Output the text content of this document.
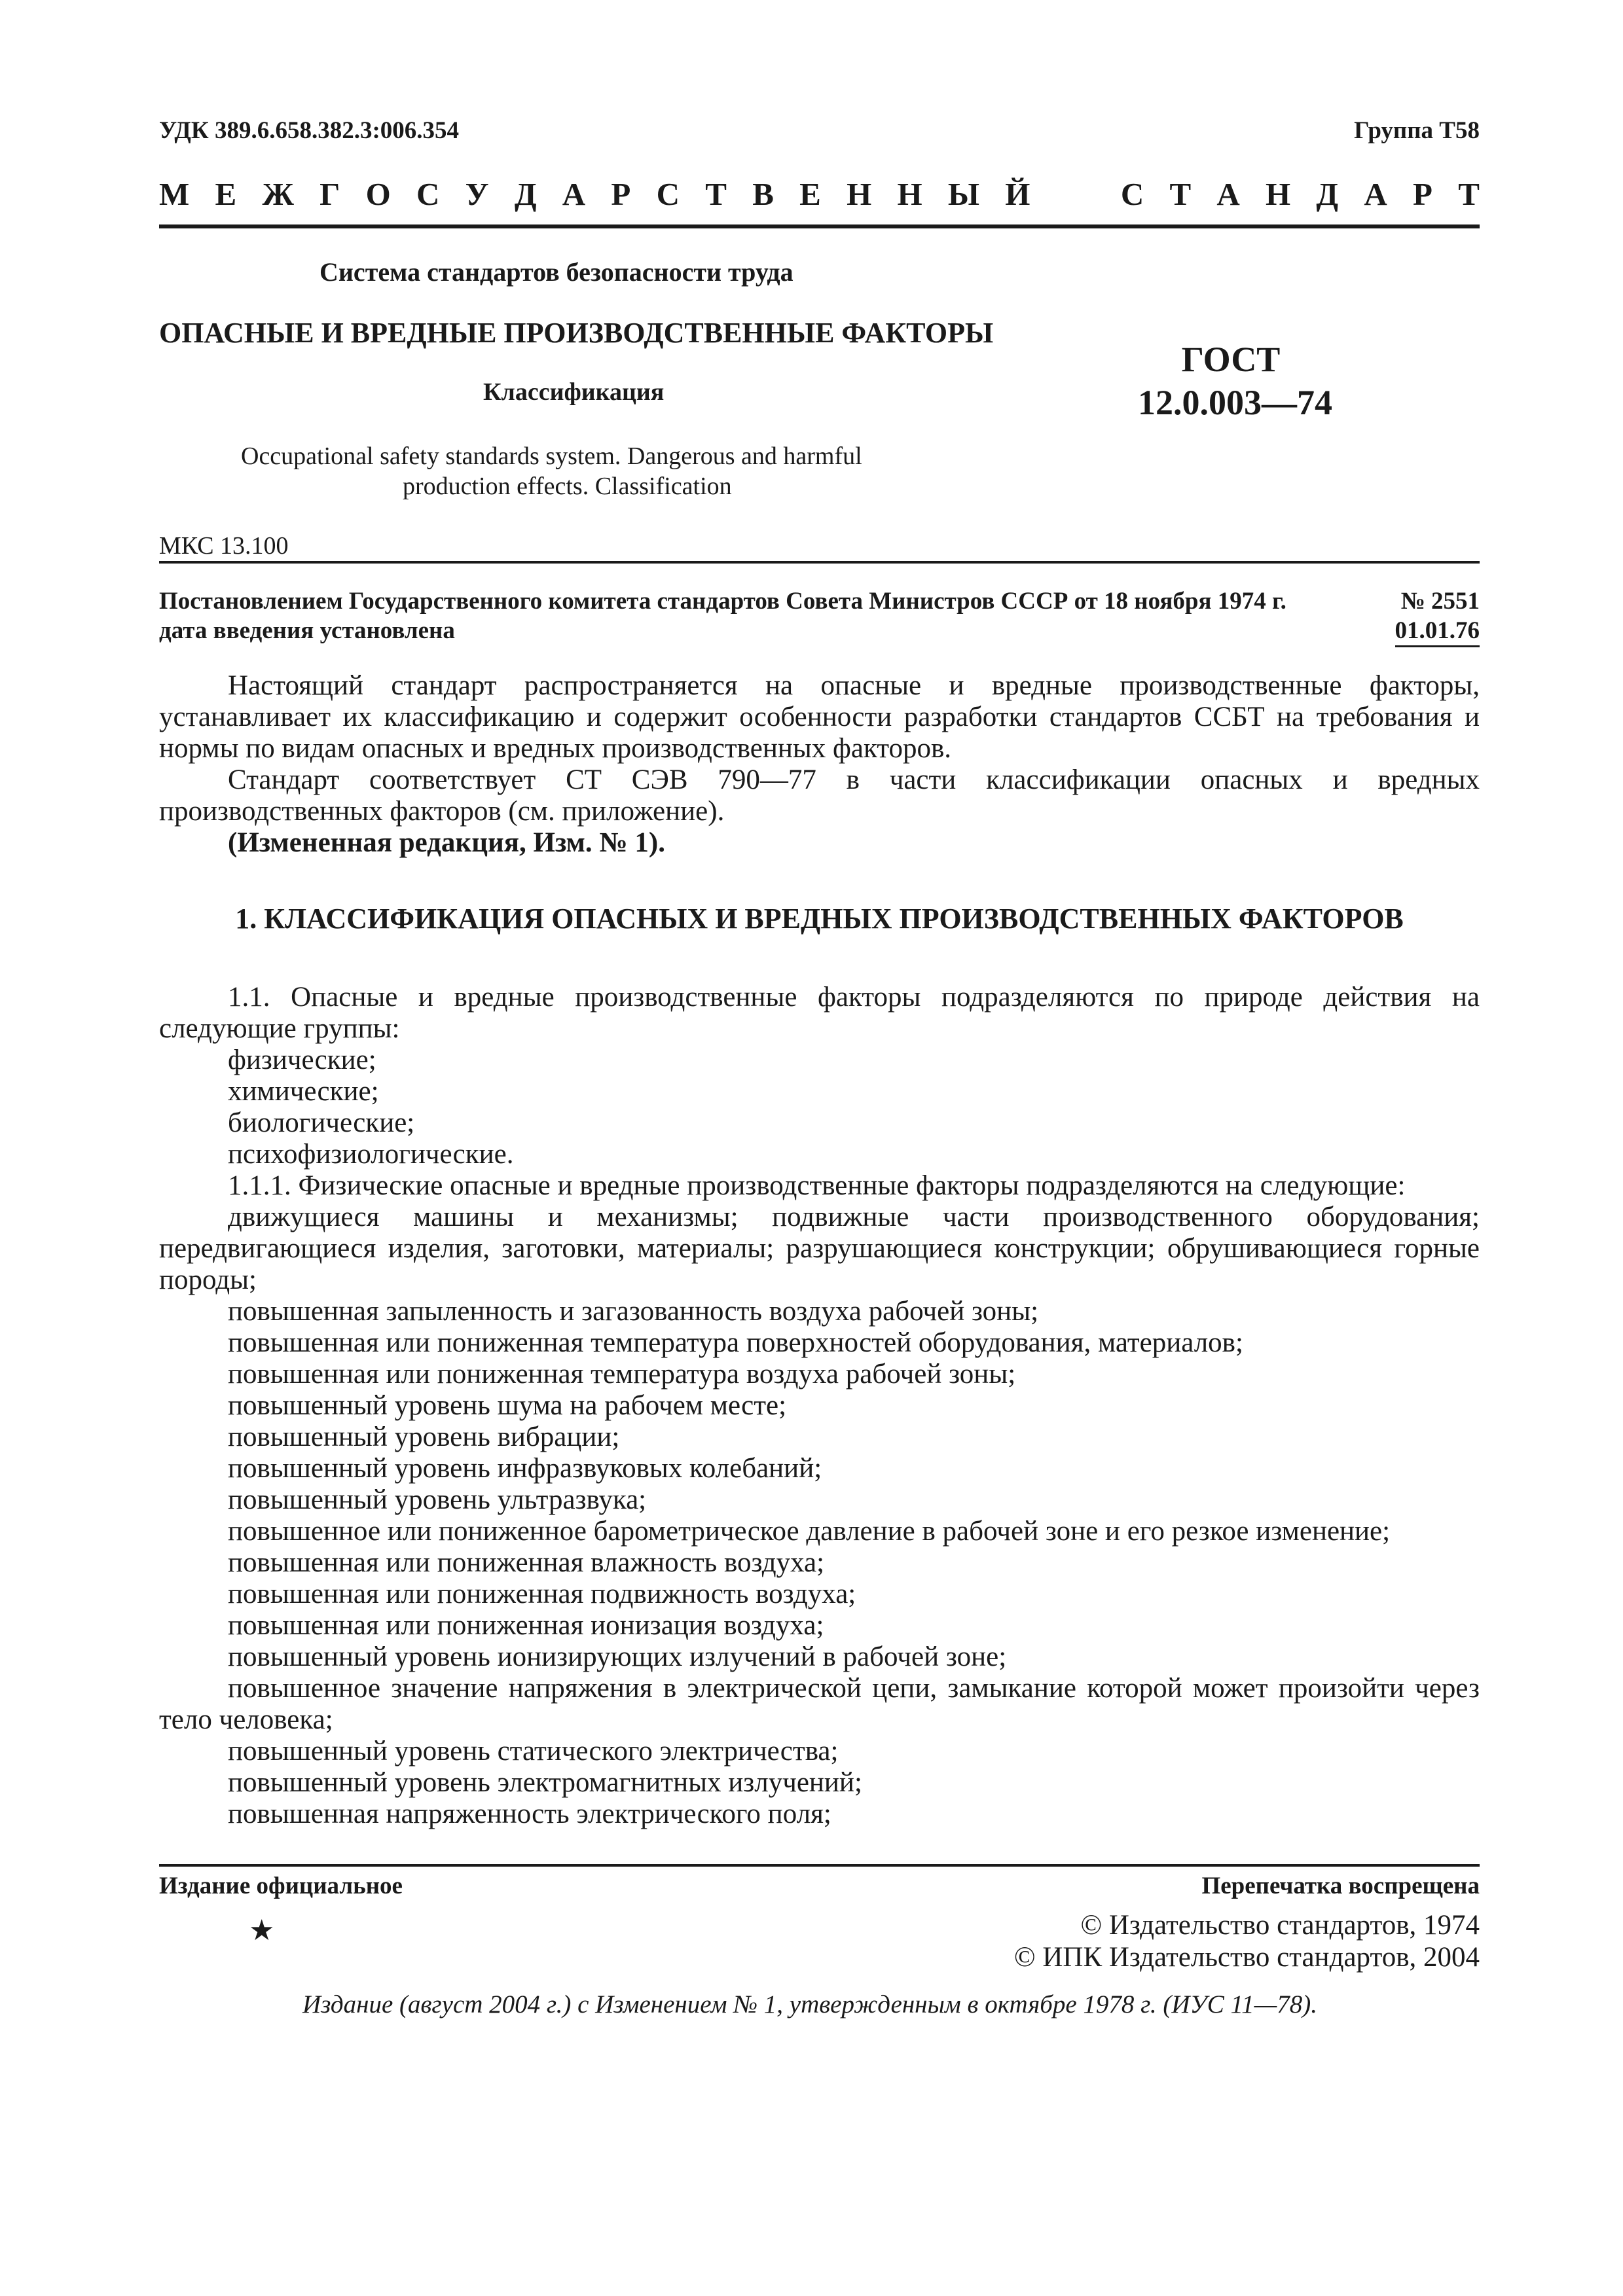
УДК 389.6.658.382.3:006.354	Группа Т58
М Е Ж Г О С У Д А Р С Т В Е Н Н Ы Й	С Т А Н Д А Р Т
Система стандартов безопасности труда
ОПАСНЫЕ И ВРЕДНЫЕ ПРОИЗВОДСТВЕННЫЕ ФАКТОРЫ
ГОСТ
Классификация	12.0.003—74
Occupational safety standards system. Dangerous and harmful
production effects. Classification
МКС 13.100
Постановлением Государственного комитета стандартов Совета Министров СССР от 18 ноября 1974 г.	№ 2551
дата введения установлена	01.01.76

Настоящий стандарт распространяется на опасные и вредные производственные факторы, устанавливает их классификацию и содержит особенности разработки стандартов ССБТ на требования и нормы по видам опасных и вредных производственных факторов.

Стандарт соответствует СТ СЭВ 790—77 в части классификации опасных и вредных производственных факторов (см. приложение).

(Измененная редакция, Изм. № 1).

1. КЛАССИФИКАЦИЯ ОПАСНЫХ И ВРЕДНЫХ ПРОИЗВОДСТВЕННЫХ ФАКТОРОВ

1.1. Опасные и вредные производственные факторы подразделяются по природе действия на следующие группы:

физические;

химические;

биологические;

психофизиологические.

1.1.1. Физические опасные и вредные производственные факторы подразделяются на следующие:

движущиеся машины и механизмы; подвижные части производственного оборудования; передвигающиеся изделия, заготовки, материалы; разрушающиеся конструкции; обрушивающиеся горные породы;

повышенная запыленность и загазованность воздуха рабочей зоны;

повышенная или пониженная температура поверхностей оборудования, материалов;

повышенная или пониженная температура воздуха рабочей зоны;

повышенный уровень шума на рабочем месте;

повышенный уровень вибрации;

повышенный уровень инфразвуковых колебаний;

повышенный уровень ультразвука;

повышенное или пониженное барометрическое давление в рабочей зоне и его резкое изменение;

повышенная или пониженная влажность воздуха;

повышенная или пониженная подвижность воздуха;

повышенная или пониженная ионизация воздуха;

повышенный уровень ионизирующих излучений в рабочей зоне;

повышенное значение напряжения в электрической цепи, замыкание которой может произойти через тело человека;

повышенный уровень статического электричества;

повышенный уровень электромагнитных излучений;

повышенная напряженность электрического поля;

Издание официальное	Перепечатка воспрещена
★	© Издательство стандартов, 1974
© ИПК Издательство стандартов, 2004
Издание (август 2004 г.) с Изменением № 1, утвержденным в октябре 1978 г. (ИУС 11—78).
